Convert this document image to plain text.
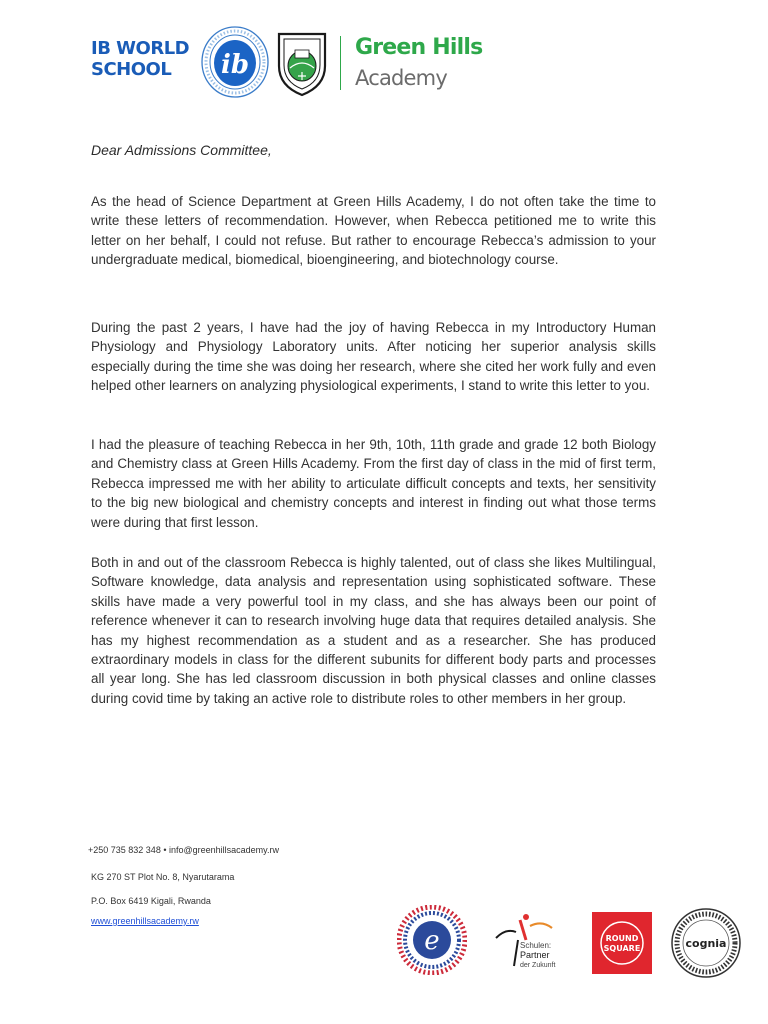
IB WORLD
SCHOOL	ib
Green Hills
Academy

Dear Admissions Committee,

As the head of Science Department at Green Hills Academy, I do not often take the time to write these letters of recommendation. However, when Rebecca petitioned me to write this letter on her behalf, I could not refuse. But rather to encourage Rebecca’s admission to your undergraduate medical, biomedical, bioengineering, and biotechnology course.

During the past 2 years, I have had the joy of having Rebecca in my Introductory Human Physiology and Physiology Laboratory units. After noticing her superior analysis skills especially during the time she was doing her research, where she cited her work fully and even helped other learners on analyzing physiological experiments, I stand to write this letter to you.

I had the pleasure of teaching Rebecca in her 9th, 10th, 11th grade and grade 12 both Biology and Chemistry class at Green Hills Academy. From the first day of class in the mid of first term, Rebecca impressed me with her ability to articulate difficult concepts and texts, her sensitivity to the big new biological and chemistry concepts and interest in finding out what those terms were during that first lesson.

Both in and out of the classroom Rebecca is highly talented, out of class she likes Multilingual, Software knowledge, data analysis and representation using sophisticated software. These skills have made a very powerful tool in my class, and she has always been our point of reference whenever it can to research involving huge data that requires detailed analysis. She has my highest recommendation as a student and as a researcher. She has produced extraordinary models in class for the different subunits for different body parts and processes all year long. She has led classroom discussion in both physical classes and online classes during covid time by taking an active role to distribute roles to other members in her group.

+250 735 832 348 • info@greenhillsacademy.rw
KG 270 ST Plot No. 8, Nyarutarama
P.O. Box 6419 Kigali, Rwanda
www.greenhillsacademy.rw
e	Schulen:
Partner
der Zukunft
ROUND
SQUARE	cognia
